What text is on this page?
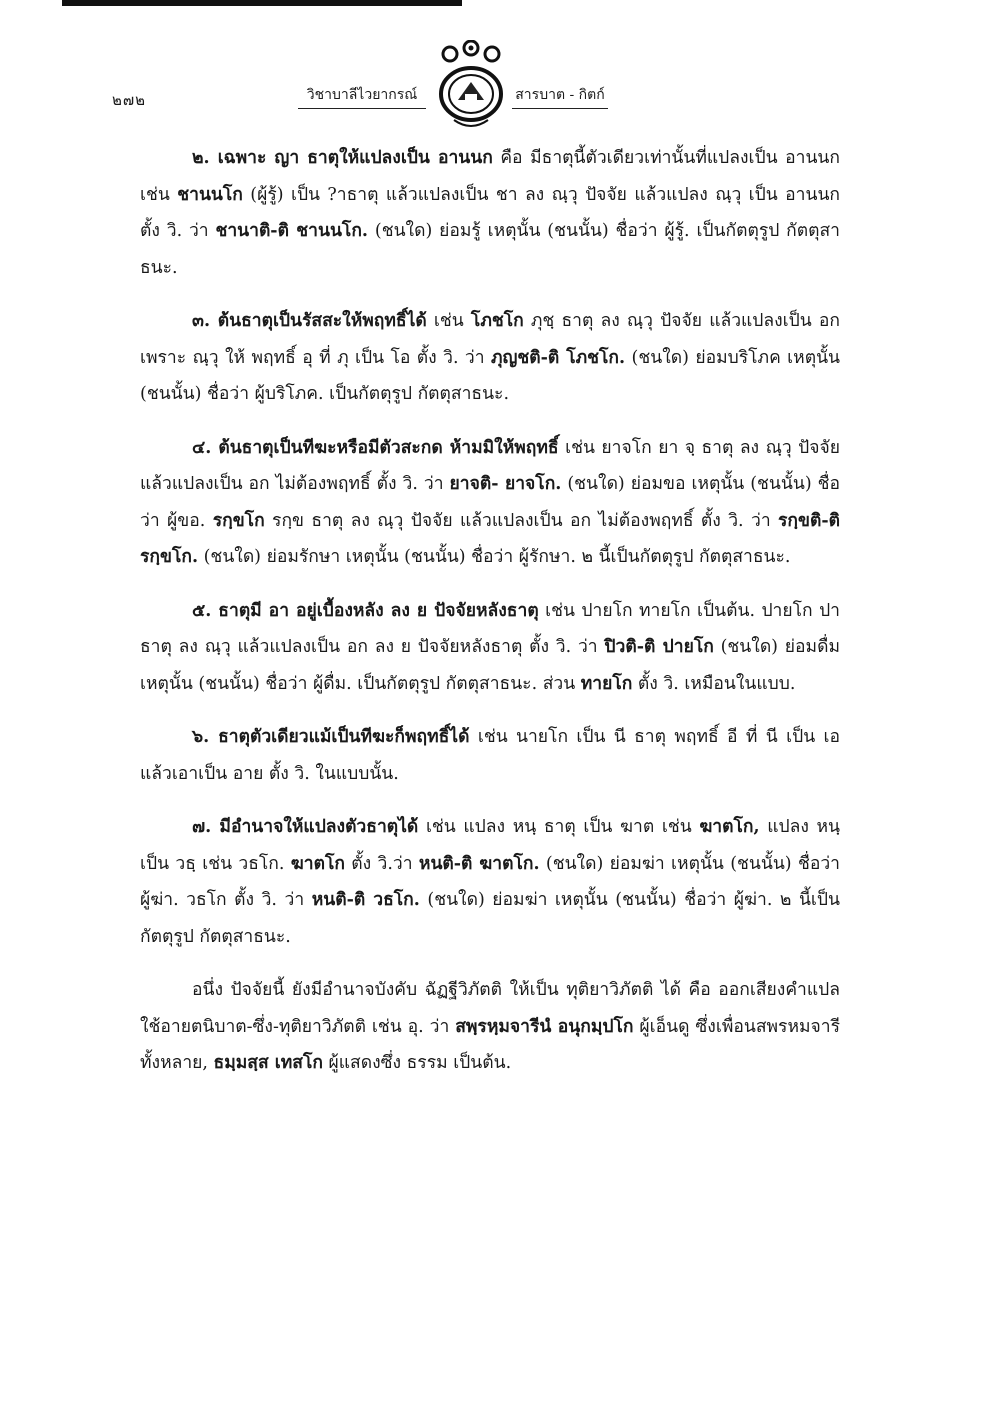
๒๗๒	วิชาบาลีไวยากรณ์	สารบาต - กิตก์

๒. เฉพาะ ญา ธาตุให้แปลงเป็น อานนก คือ มีธาตุนี้ตัวเดียวเท่านั้นที่แปลงเป็น อานนก เช่น ชานนโก (ผู้รู้) เป็น ?าธาตุ แล้วแปลงเป็น ชา ลง ณฺวุ ปัจจัย แล้วแปลง ณฺวุ เป็น อานนก ตั้ง วิ. ว่า ชานาติ-ติ ชานนโก. (ชนใด) ย่อมรู้ เหตุนั้น (ชนนั้น) ชื่อว่า ผู้รู้. เป็นกัตตุรูป กัตตุสาธนะ.

๓. ต้นธาตุเป็นรัสสะให้พฤทธิ์ได้ เช่น โภชโก ภุชฺ ธาตุ ลง ณฺวุ ปัจจัย แล้วแปลงเป็น อก เพราะ ณฺวุ ให้ พฤทธิ์ อุ ที่ ภุ เป็น โอ ตั้ง วิ. ว่า ภุญชติ-ติ โภชโก. (ชนใด) ย่อมบริโภค เหตุนั้น (ชนนั้น) ชื่อว่า ผู้บริโภค. เป็นกัตตุรูป กัตตุสาธนะ.

๔. ต้นธาตุเป็นทีฆะหรือมีตัวสะกด ห้ามมิให้พฤทธิ์ เช่น ยาจโก ยา จฺ ธาตุ ลง ณฺวุ ปัจจัย แล้วแปลงเป็น อก ไม่ต้องพฤทธิ์ ตั้ง วิ. ว่า ยาจติ- ยาจโก. (ชนใด) ย่อมขอ เหตุนั้น (ชนนั้น) ชื่อว่า ผู้ขอ. รกฺขโก รกฺข ธาตุ ลง ณฺวุ ปัจจัย แล้วแปลงเป็น อก ไม่ต้องพฤทธิ์ ตั้ง วิ. ว่า รกฺขติ-ติ รกฺขโก. (ชนใด) ย่อมรักษา เหตุนั้น (ชนนั้น) ชื่อว่า ผู้รักษา. ๒ นี้เป็นกัตตุรูป กัตตุสาธนะ.

๕. ธาตุมี อา อยู่เบื้องหลัง ลง ย ปัจจัยหลังธาตุ เช่น ปายโก ทายโก เป็นต้น. ปายโก ปา ธาตุ ลง ณฺวุ แล้วแปลงเป็น อก ลง ย ปัจจัยหลังธาตุ ตั้ง วิ. ว่า ปิวติ-ติ ปายโก (ชนใด) ย่อมดื่ม เหตุนั้น (ชนนั้น) ชื่อว่า ผู้ดื่ม. เป็นกัตตุรูป กัตตุสาธนะ. ส่วน ทายโก ตั้ง วิ. เหมือนในแบบ.

๖. ธาตุตัวเดียวแม้เป็นทีฆะก็พฤทธิ์ได้ เช่น นายโก เป็น นี ธาตุ พฤทธิ์ อี ที่ นี เป็น เอ แล้วเอาเป็น อาย ตั้ง วิ. ในแบบนั้น.

๗. มีอำนาจให้แปลงตัวธาตุได้ เช่น แปลง หนฺ ธาตุ เป็น ฆาต เช่น ฆาตโก, แปลง หนฺ เป็น วธฺ เช่น วธโก. ฆาตโก ตั้ง วิ.ว่า หนติ-ติ ฆาตโก. (ชนใด) ย่อมฆ่า เหตุนั้น (ชนนั้น) ชื่อว่า ผู้ฆ่า. วธโก ตั้ง วิ. ว่า หนติ-ติ วธโก. (ชนใด) ย่อมฆ่า เหตุนั้น (ชนนั้น) ชื่อว่า ผู้ฆ่า. ๒ นี้เป็นกัตตุรูป กัตตุสาธนะ.

อนึ่ง ปัจจัยนี้ ยังมีอำนาจบังคับ ฉัฏฐีวิภัตติ ให้เป็น ทุติยาวิภัตติ ได้ คือ ออกเสียงคำแปล ใช้อายตนิบาต-ซึ่ง-ทุติยาวิภัตติ เช่น อุ. ว่า สพฺรหฺมจารีนํ อนุกมฺปโก ผู้เอ็นดู ซึ่งเพื่อนสพรหมจารีทั้งหลาย, ธมฺมสฺส เทสโก ผู้แสดงซึ่ง ธรรม เป็นต้น.
